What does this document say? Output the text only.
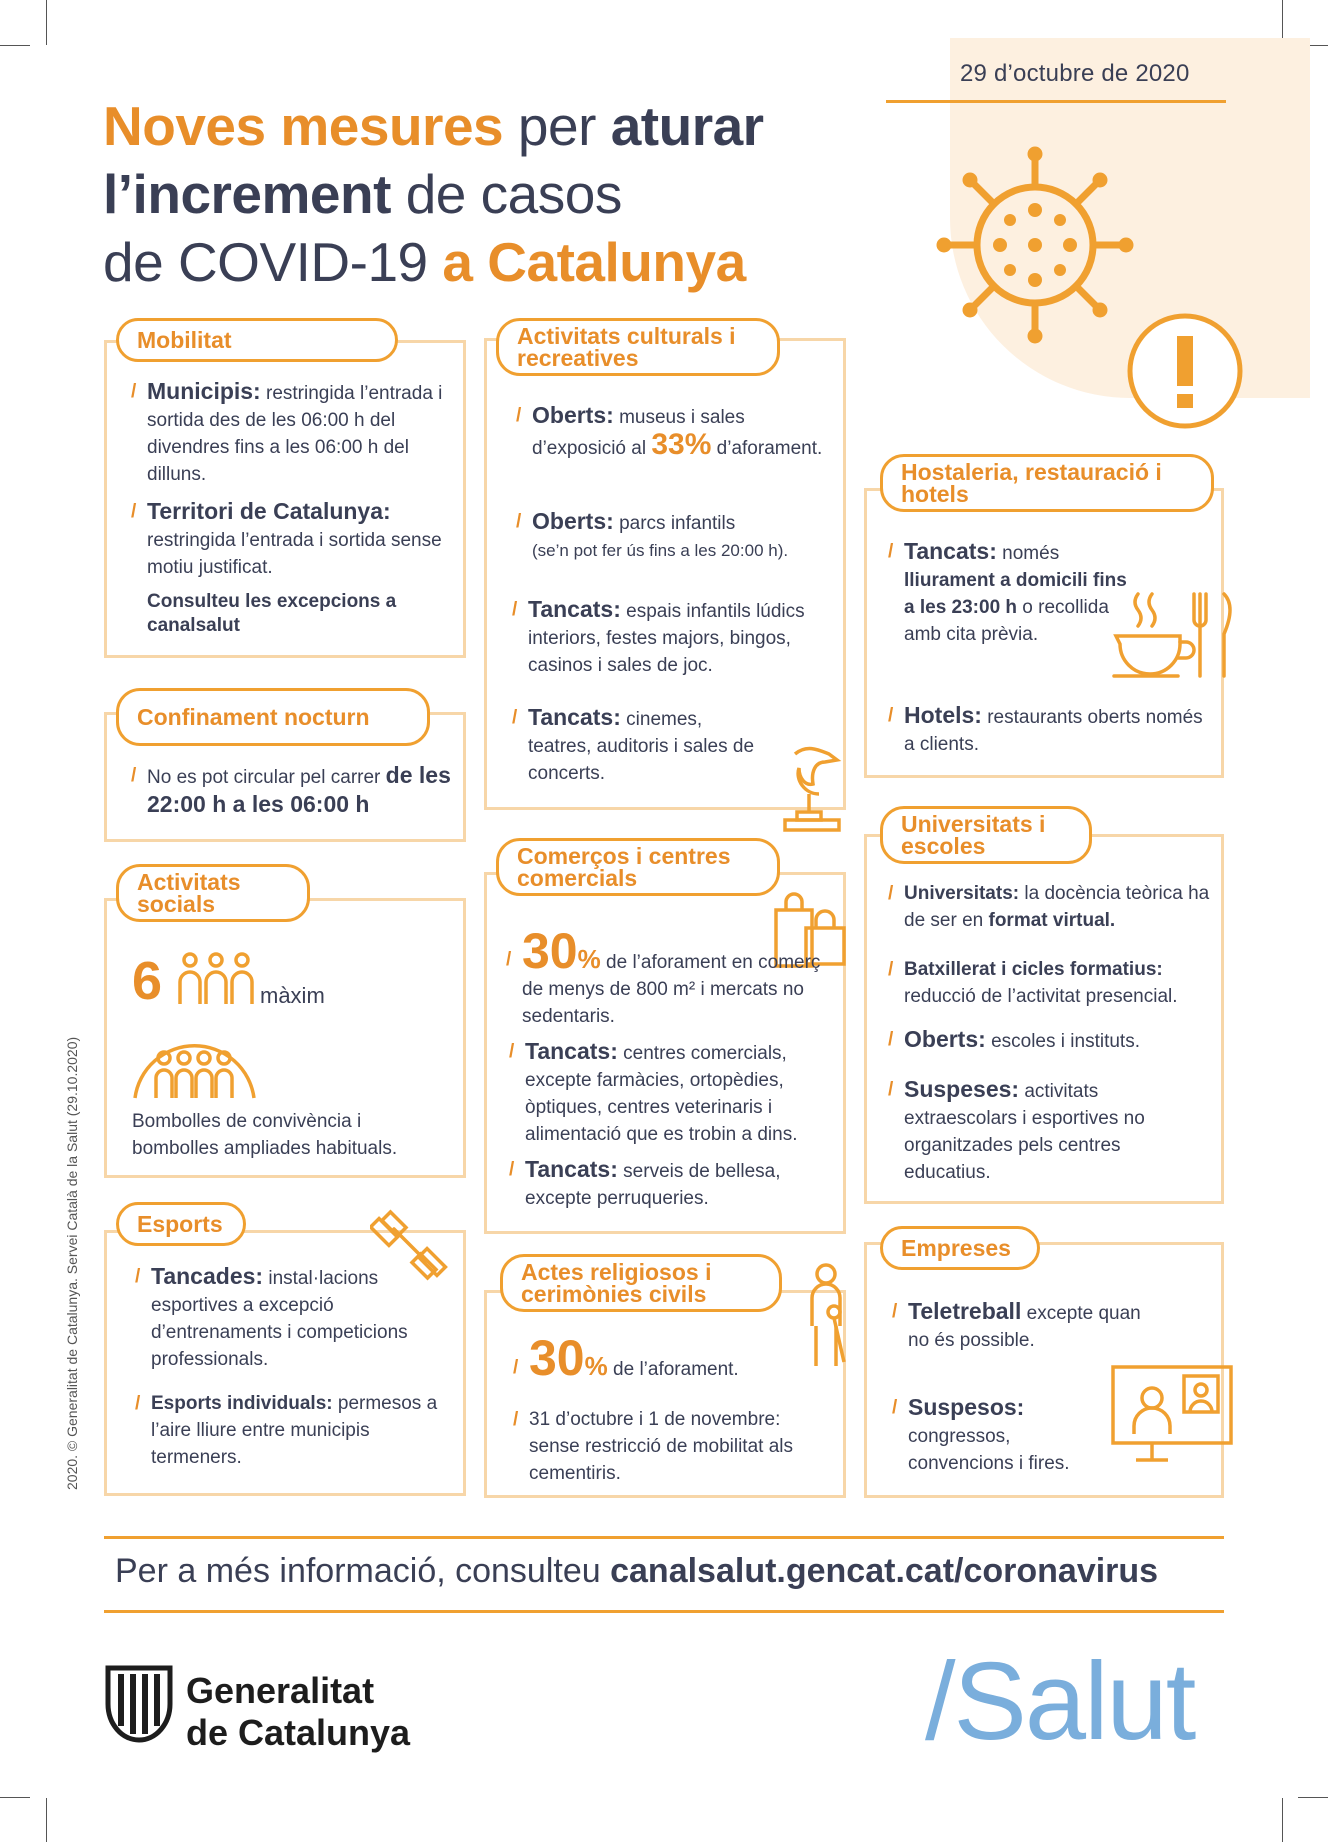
29 d’octubre de 2020
Noves mesures per aturar
l’increment de casos
de COVID-19 a Catalunya
Mobilitat
/ Municipis: restringida l’entrada i sortida des de les 06:00 h del divendres fins a les 06:00 h del dilluns.
/ Territori de Catalunya: restringida l’entrada i sortida sense motiu justificat.
Consulteu les excepcions a canalsalut
Confinament nocturn
/ No es pot circular pel carrer de les 22:00 h a les 06:00 h
Activitats socials
6	màxim
Bombolles de convivència i bombolles ampliades habituals.
Esports
/ Tancades: instal·lacions esportives a excepció d’entrenaments i competicions professionals.
/ Esports individuals: permesos a l’aire lliure entre municipis termeners.
Activitats culturals i recreatives
/ Oberts: museus i sales d’exposició al 33% d’aforament.
/ Oberts: parcs infantils
(se’n pot fer ús fins a les 20:00 h).
/ Tancats: espais infantils lúdics interiors, festes majors, bingos, casinos i sales de joc.
/ Tancats: cinemes, teatres, auditoris i sales de concerts.
Comerços i centres comercials
/ 30% de l’aforament en comerç de menys de 800 m² i mercats no sedentaris.
/ Tancats: centres comercials, excepte farmàcies, ortopèdies, òptiques, centres veterinaris i alimentació que es trobin a dins.
/ Tancats: serveis de bellesa, excepte perruqueries.
Actes religiosos i cerimònies civils
/ 30% de l’aforament.
/ 31 d’octubre i 1 de novembre: sense restricció de mobilitat als cementiris.
Hostaleria, restauració i hotels
/ Tancats: només lliurament a domicili fins a les 23:00 h o recollida amb cita prèvia.
/ Hotels: restaurants oberts només a clients.
Universitats i escoles
/ Universitats: la docència teòrica ha de ser en format virtual.
/ Batxillerat i cicles formatius: reducció de l’activitat presencial.
/ Oberts: escoles i instituts.
/ Suspeses: activitats extraescolars i esportives no organitzades pels centres educatius.
Empreses
/ Teletreball excepte quan no és possible.
/ Suspesos:
congressos, convencions i fires.
Per a més informació, consulteu canalsalut.gencat.cat/coronavirus
Generalitat
de Catalunya	/Salut
2020. © Generalitat de Catalunya. Servei Català de la Salut (29.10.2020)
